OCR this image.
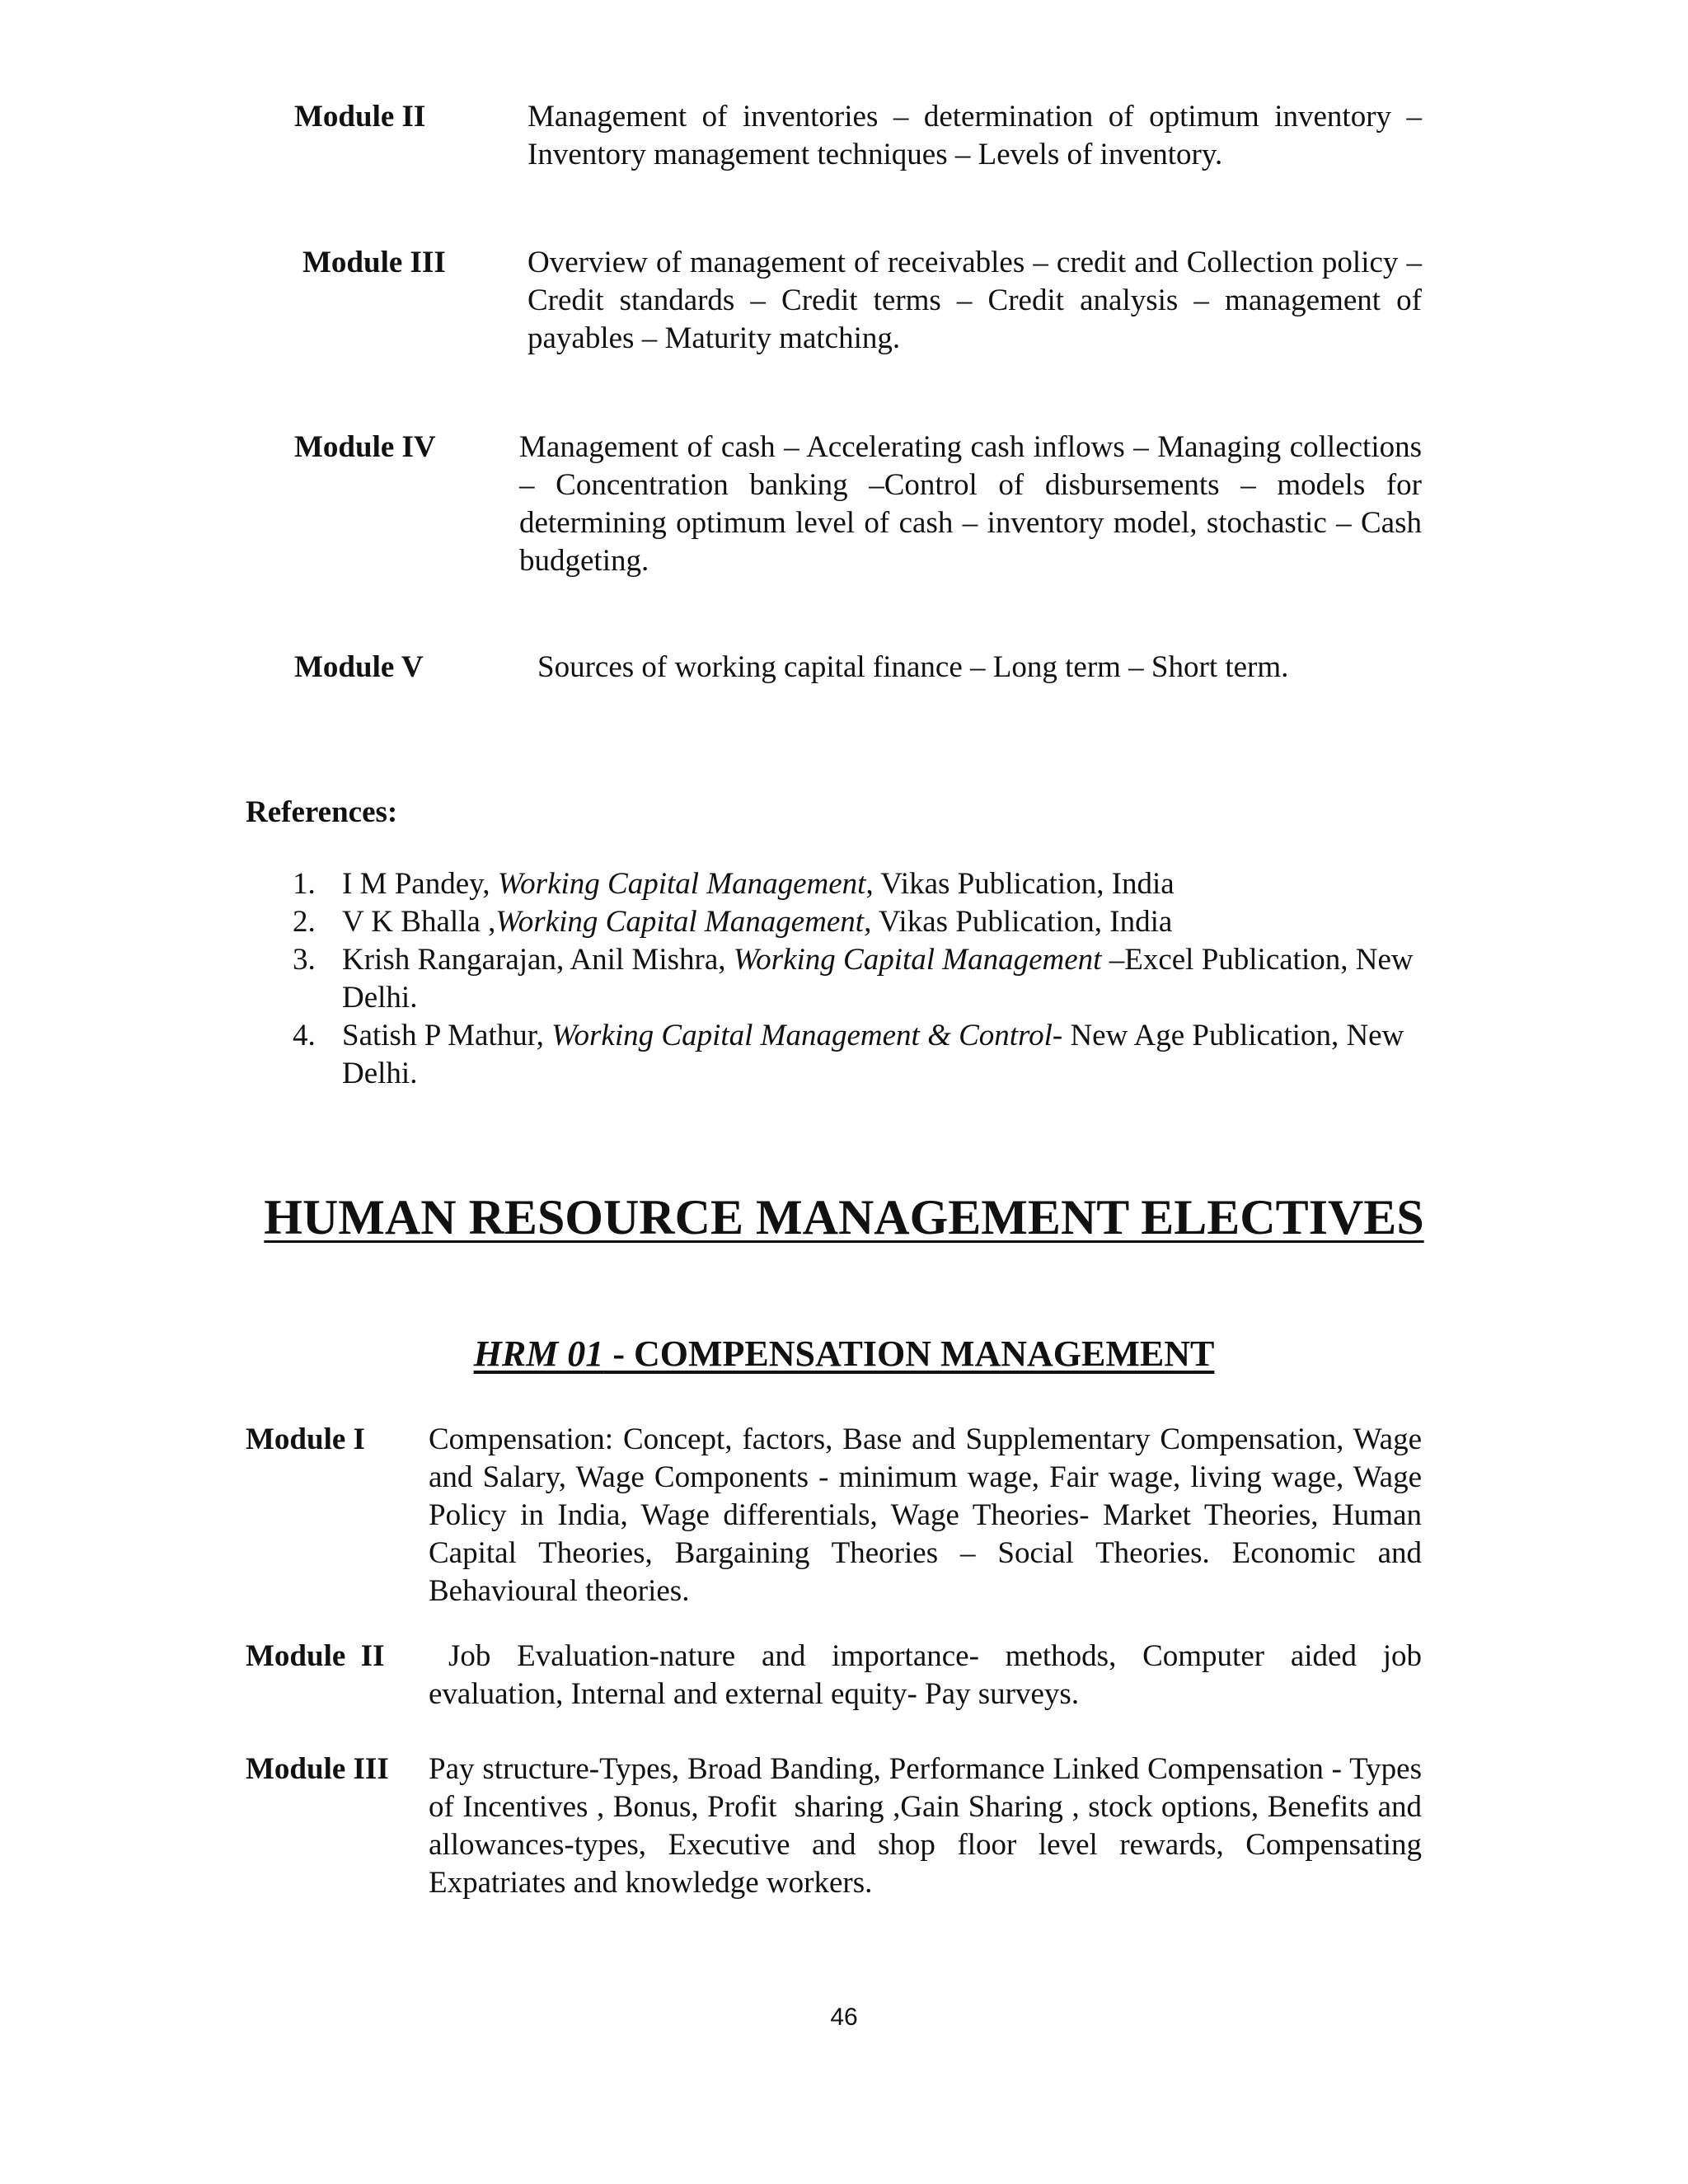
Module II	Management of inventories – determination of optimum inventory – Inventory management techniques – Levels of inventory.
Module III	Overview of management of receivables – credit and Collection policy – Credit standards – Credit terms – Credit analysis – management of payables – Maturity matching.
Module IV	Management of cash – Accelerating cash inflows – Managing collections – Concentration banking –Control of disbursements – models for determining optimum level of cash – inventory model, stochastic – Cash budgeting.
Module V	Sources of working capital finance – Long term – Short term.
References:
1. I M Pandey, Working Capital Management, Vikas Publication, India
2. V K Bhalla ,Working Capital Management, Vikas Publication, India
3. Krish Rangarajan, Anil Mishra, Working Capital Management –Excel Publication, New Delhi.
4. Satish P Mathur, Working Capital Management & Control- New Age Publication, New Delhi.
HUMAN RESOURCE MANAGEMENT ELECTIVES
HRM 01 - COMPENSATION MANAGEMENT
Module I Compensation: Concept, factors, Base and Supplementary Compensation, Wage and Salary, Wage Components - minimum wage, Fair wage, living wage, Wage Policy in India, Wage differentials, Wage Theories- Market Theories, Human Capital Theories, Bargaining Theories – Social Theories. Economic and Behavioural theories.
Module  II	Job Evaluation-nature and importance- methods, Computer aided job evaluation, Internal and external equity- Pay surveys.
Module III Pay structure-Types, Broad Banding, Performance Linked Compensation - Types   of Incentives , Bonus, Profit  sharing ,Gain Sharing , stock options, Benefits and allowances-types, Executive and shop floor level rewards, Compensating Expatriates and knowledge workers.
46
